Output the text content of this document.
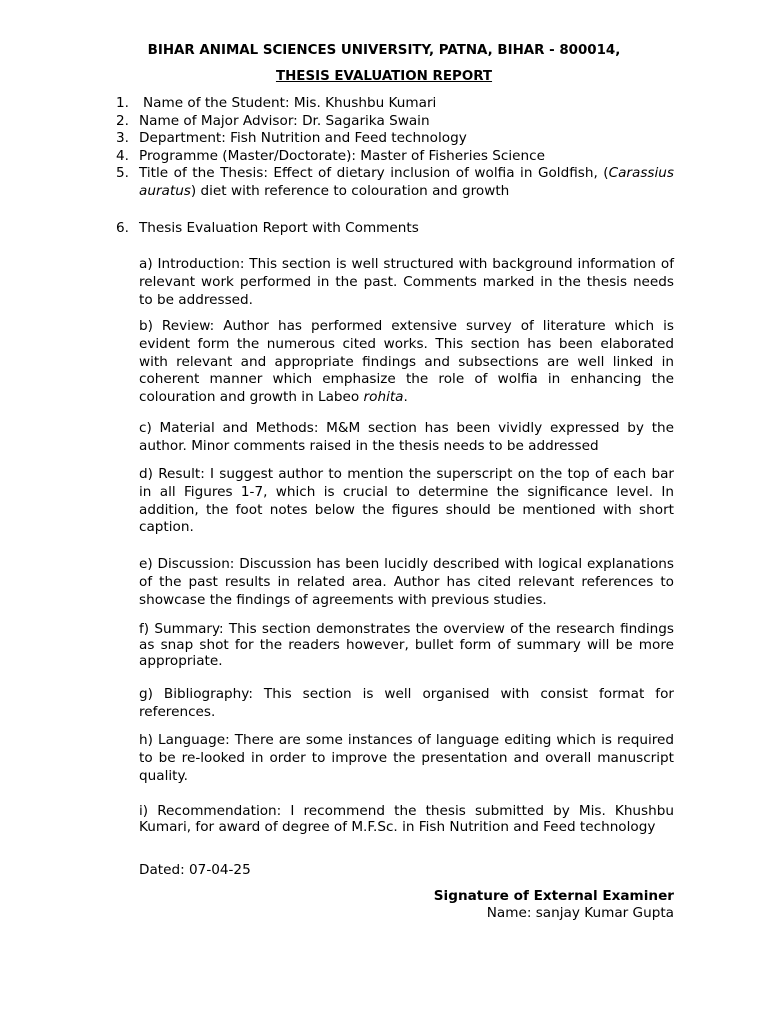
BIHAR ANIMAL SCIENCES UNIVERSITY, PATNA, BIHAR - 800014,
THESIS EVALUATION REPORT
1. Name of the Student: Mis. Khushbu Kumari
2. Name of Major Advisor: Dr. Sagarika Swain
3. Department: Fish Nutrition and Feed technology
4. Programme (Master/Doctorate): Master of Fisheries Science
5. Title of the Thesis: Effect of dietary inclusion of wolfia in Goldfish, (Carassius auratus) diet with reference to colouration and growth
6. Thesis Evaluation Report with Comments
a) Introduction: This section is well structured with background information of relevant work performed in the past. Comments marked in the thesis needs to be addressed.
b) Review: Author has performed extensive survey of literature which is evident form the numerous cited works. This section has been elaborated with relevant and appropriate findings and subsections are well linked in coherent manner which emphasize the role of wolfia in enhancing the colouration and growth in Labeo rohita.
c) Material and Methods: M&M section has been vividly expressed by the author. Minor comments raised in the thesis needs to be addressed
d) Result: I suggest author to mention the superscript on the top of each bar in all Figures 1-7, which is crucial to determine the significance level. In addition, the foot notes below the figures should be mentioned with short caption.
e) Discussion: Discussion has been lucidly described with logical explanations of the past results in related area. Author has cited relevant references to showcase the findings of agreements with previous studies.
f) Summary: This section demonstrates the overview of the research findings as snap shot for the readers however, bullet form of summary will be more appropriate.
g) Bibliography: This section is well organised with consist format for references.
h) Language: There are some instances of language editing which is required to be re-looked in order to improve the presentation and overall manuscript quality.
i) Recommendation: I recommend the thesis submitted by Mis. Khushbu Kumari, for award of degree of M.F.Sc. in Fish Nutrition and Feed technology
Dated: 07-04-25
Signature of External Examiner
Name: sanjay Kumar Gupta
